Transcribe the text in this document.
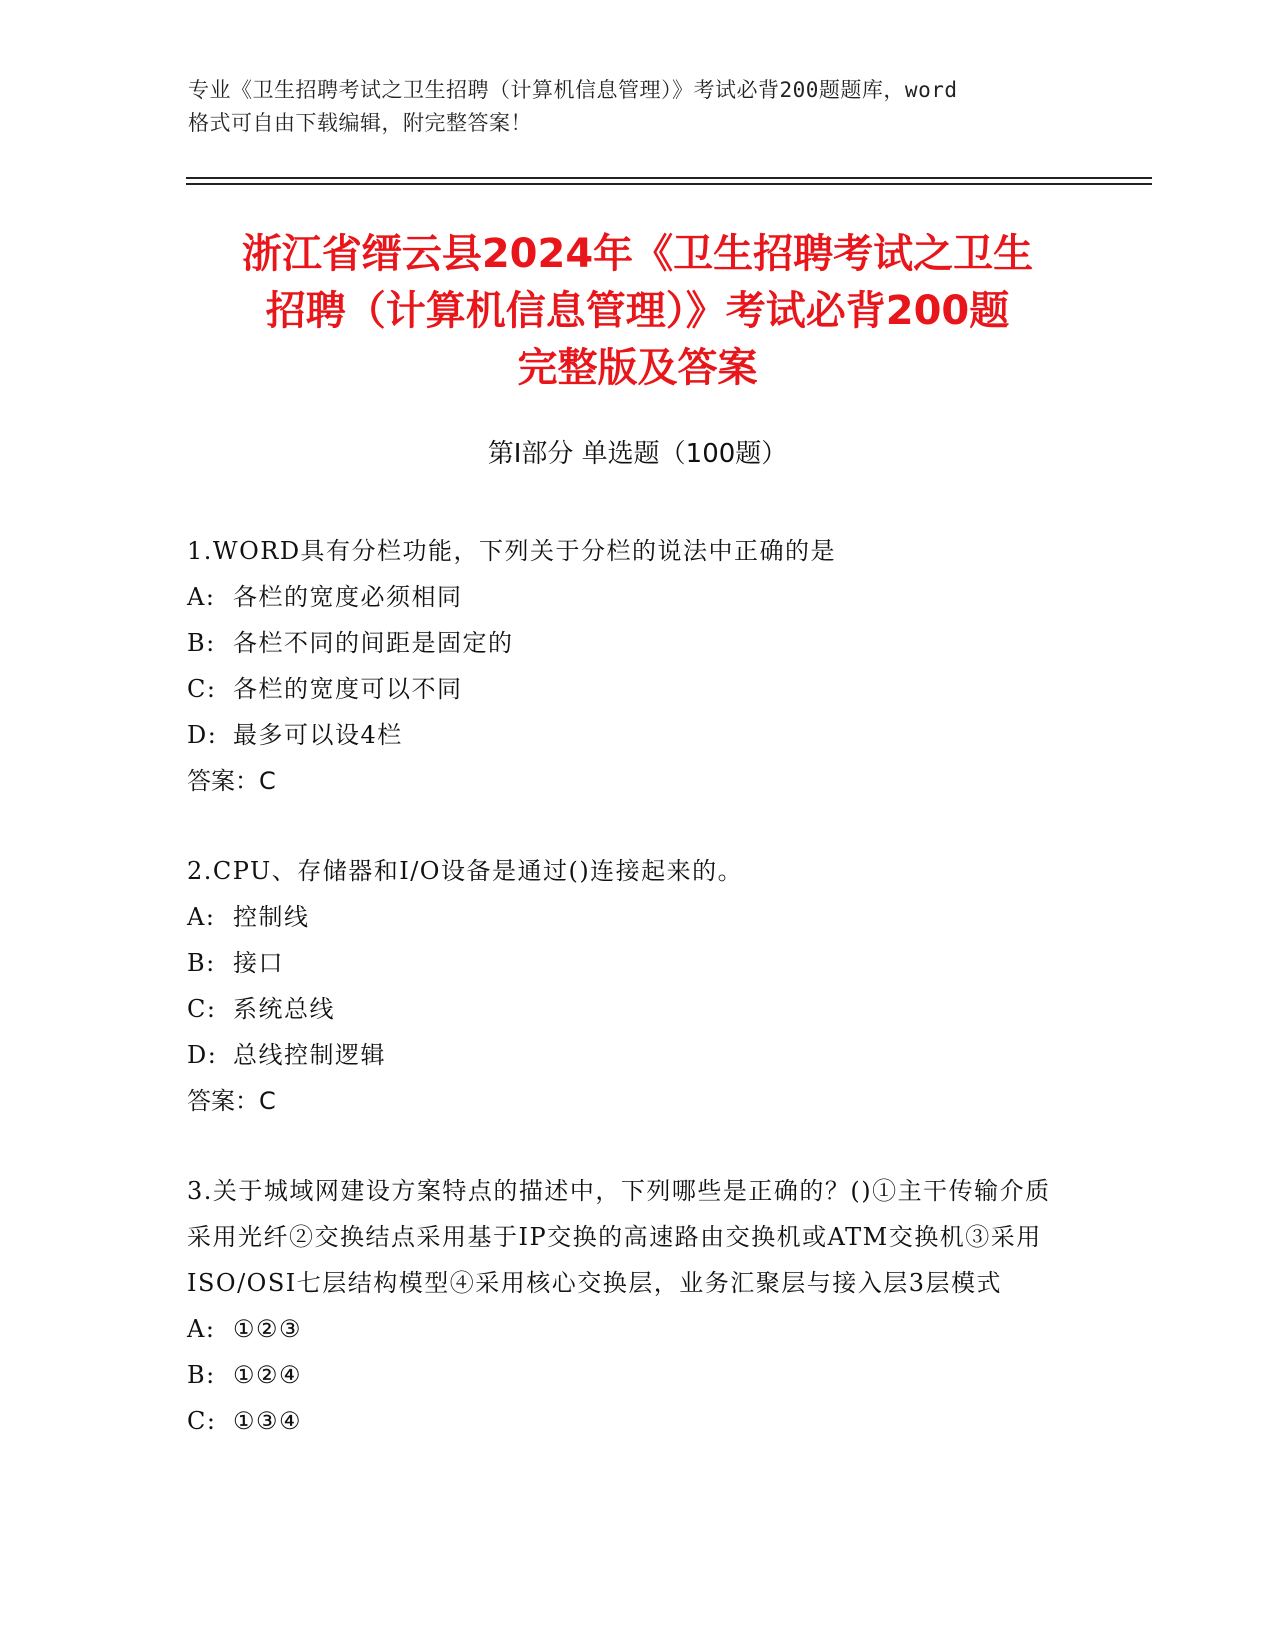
专业《卫生招聘考试之卫生招聘（计算机信息管理）》考试必背200题题库，word
格式可自由下载编辑，附完整答案！
浙江省缙云县2024年《卫生招聘考试之卫生
招聘（计算机信息管理）》考试必背200题
完整版及答案
第Ⅰ部分 单选题（100题）
1.WORD具有分栏功能，下列关于分栏的说法中正确的是
A: 各栏的宽度必须相同
B: 各栏不同的间距是固定的
C: 各栏的宽度可以不同
D: 最多可以设4栏
答案：C
2.CPU、存储器和I/O设备是通过()连接起来的。
A: 控制线
B: 接口
C: 系统总线
D: 总线控制逻辑
答案：C
3.关于城域网建设方案特点的描述中，下列哪些是正确的？()①主干传输介质采用光纤②交换结点采用基于IP交换的高速路由交换机或ATM交换机③采用ISO/OSI七层结构模型④采用核心交换层，业务汇聚层与接入层3层模式
A: ①②③
B: ①②④
C: ①③④
